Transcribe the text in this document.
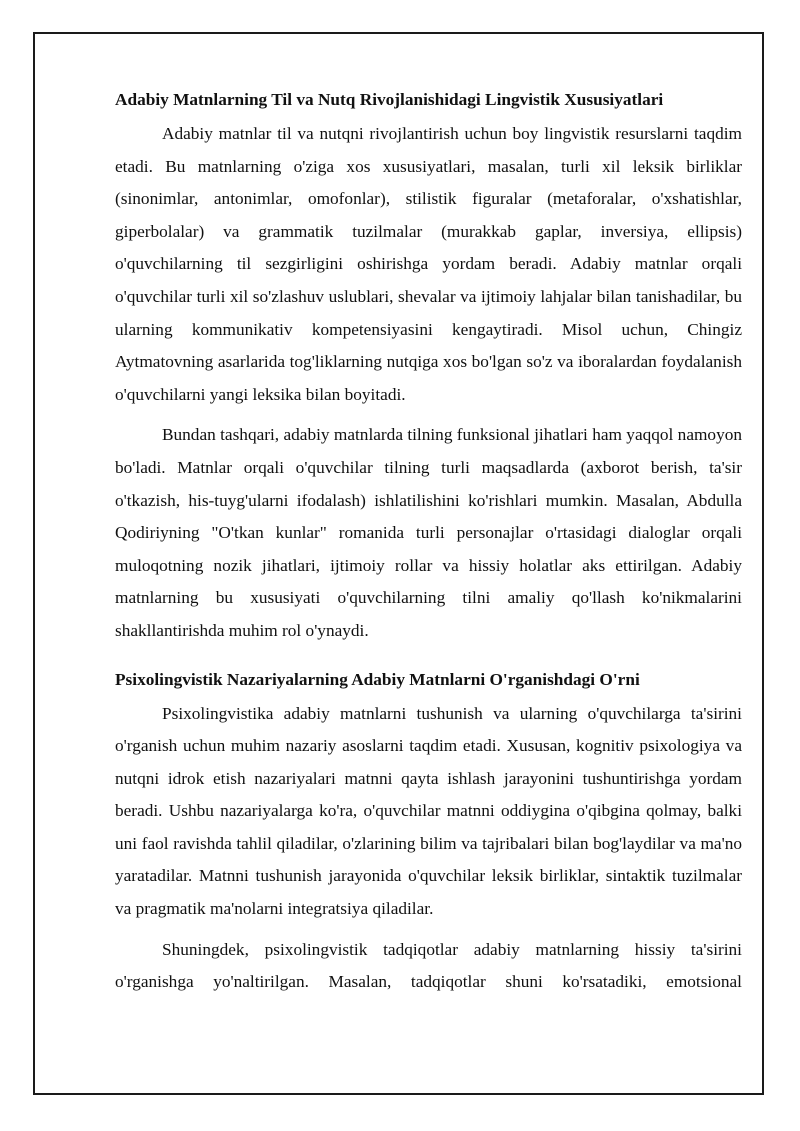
Adabiy Matnlarning Til va Nutq Rivojlanishidagi Lingvistik Xususiyatlari

Adabiy matnlar til va nutqni rivojlantirish uchun boy lingvistik resurslarni taqdim etadi. Bu matnlarning o'ziga xos xususiyatlari, masalan, turli xil leksik birliklar (sinonimlar, antonimlar, omofonlar), stilistik figuralar (metaforalar, o'xshatishlar, giperbolalar) va grammatik tuzilmalar (murakkab gaplar, inversiya, ellipsis) o'quvchilarning til sezgirligini oshirishga yordam beradi. Adabiy matnlar orqali o'quvchilar turli xil so'zlashuv uslublari, shevalar va ijtimoiy lahjalar bilan tanishadilar, bu ularning kommunikativ kompetensiyasini kengaytiradi. Misol uchun, Chingiz Aytmatovning asarlarida tog'liklarning nutqiga xos bo'lgan so'z va iboralardan foydalanish o'quvchilarni yangi leksika bilan boyitadi.

Bundan tashqari, adabiy matnlarda tilning funksional jihatlari ham yaqqol namoyon bo'ladi. Matnlar orqali o'quvchilar tilning turli maqsadlarda (axborot berish, ta'sir o'tkazish, his-tuyg'ularni ifodalash) ishlatilishini ko'rishlari mumkin. Masalan, Abdulla Qodiriyning "O'tkan kunlar" romanida turli personajlar o'rtasidagi dialoglar orqali muloqotning nozik jihatlari, ijtimoiy rollar va hissiy holatlar aks ettirilgan. Adabiy matnlarning bu xususiyati o'quvchilarning tilni amaliy qo'llash ko'nikmalarini shakllantirishda muhim rol o'ynaydi.

Psixolingvistik Nazariyalarning Adabiy Matnlarni O'rganishdagi O'rni

Psixolingvistika adabiy matnlarni tushunish va ularning o'quvchilarga ta'sirini o'rganish uchun muhim nazariy asoslarni taqdim etadi. Xususan, kognitiv psixologiya va nutqni idrok etish nazariyalari matnni qayta ishlash jarayonini tushuntirishga yordam beradi. Ushbu nazariyalarga ko'ra, o'quvchilar matnni oddiygina o'qibgina qolmay, balki uni faol ravishda tahlil qiladilar, o'zlarining bilim va tajribalari bilan bog'laydilar va ma'no yaratadilar. Matnni tushunish jarayonida o'quvchilar leksik birliklar, sintaktik tuzilmalar va pragmatik ma'nolarni integratsiya qiladilar.

Shuningdek, psixolingvistik tadqiqotlar adabiy matnlarning hissiy ta'sirini o'rganishga yo'naltirilgan. Masalan, tadqiqotlar shuni ko'rsatadiki, emotsional
